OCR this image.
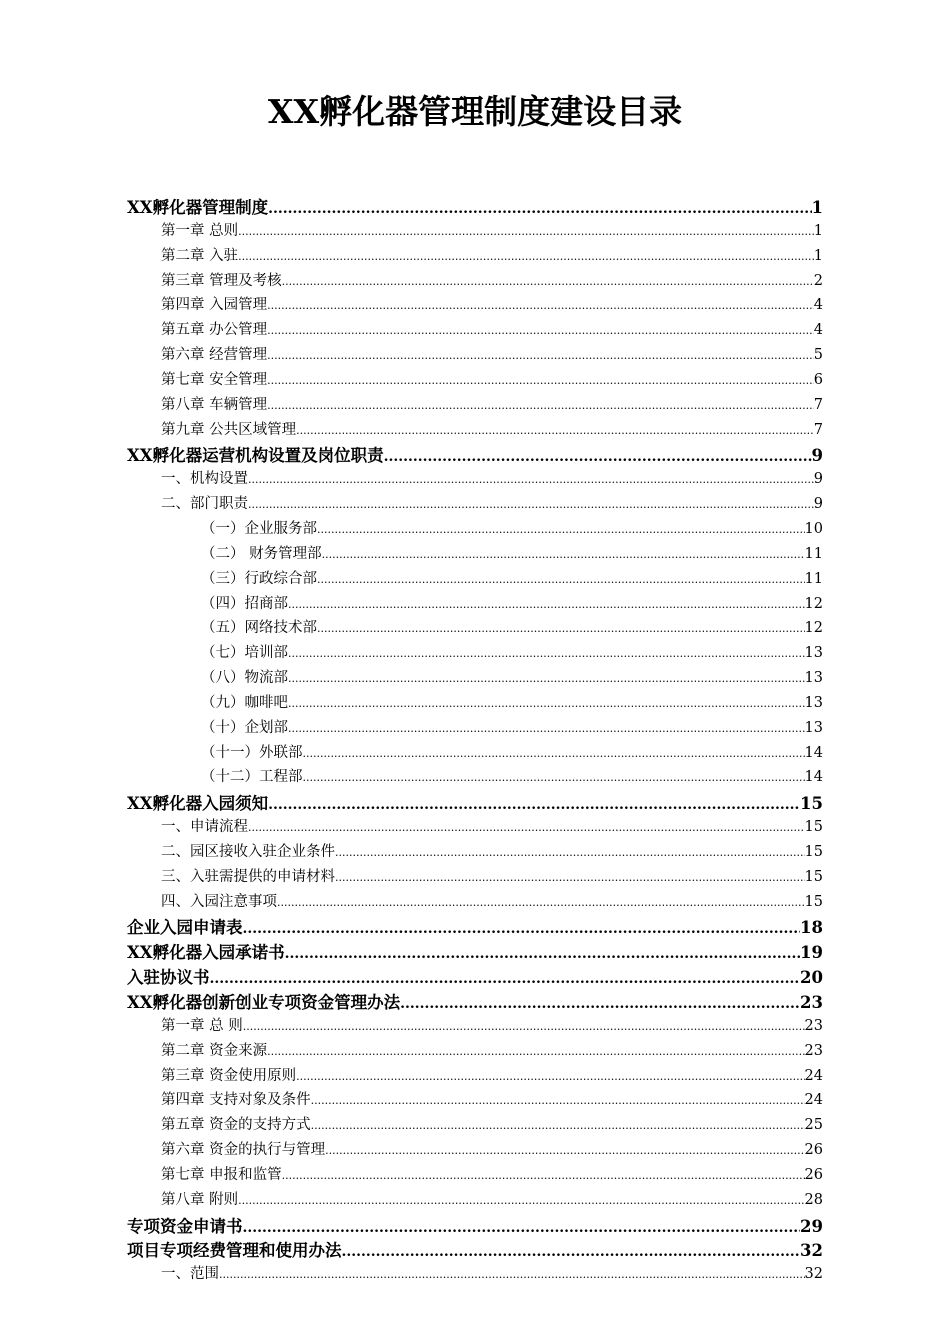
XX孵化器管理制度建设目录
XX孵化器管理制度 .....	1
第一章 总则 .....	1
第二章 入驻 .....	1
第三章 管理及考核 .....	2
第四章 入园管理 .....	4
第五章 办公管理 .....	4
第六章 经营管理 .....	5
第七章 安全管理 .....	6
第八章 车辆管理 .....	7
第九章 公共区域管理 .....	7
XX孵化器运营机构设置及岗位职责 .....	9
一、机构设置 .....	9
二、部门职责 .....	9
（一）企业服务部 .....	10
（二） 财务管理部 .....	11
（三）行政综合部 .....	11
（四）招商部 .....	12
（五）网络技术部 .....	12
（七）培训部 .....	13
（八）物流部 .....	13
（九）咖啡吧 .....	13
（十）企划部 .....	13
（十一）外联部 .....	14
（十二）工程部 .....	14
XX孵化器入园须知 .....	15
一、申请流程 .....	15
二、园区接收入驻企业条件 .....	15
三、入驻需提供的申请材料 .....	15
四、入园注意事项 .....	15
企业入园申请表 .....	18
XX孵化器入园承诺书 .....	19
入驻协议书 .....	20
XX孵化器创新创业专项资金管理办法 .....	23
第一章 总 则 .....	23
第二章 资金来源 .....	23
第三章 资金使用原则 .....	24
第四章 支持对象及条件 .....	24
第五章 资金的支持方式 .....	25
第六章 资金的执行与管理 .....	26
第七章 申报和监管 .....	26
第八章 附则 .....	28
专项资金申请书 .....	29
项目专项经费管理和使用办法 .....	32
一、范围 .....	32
